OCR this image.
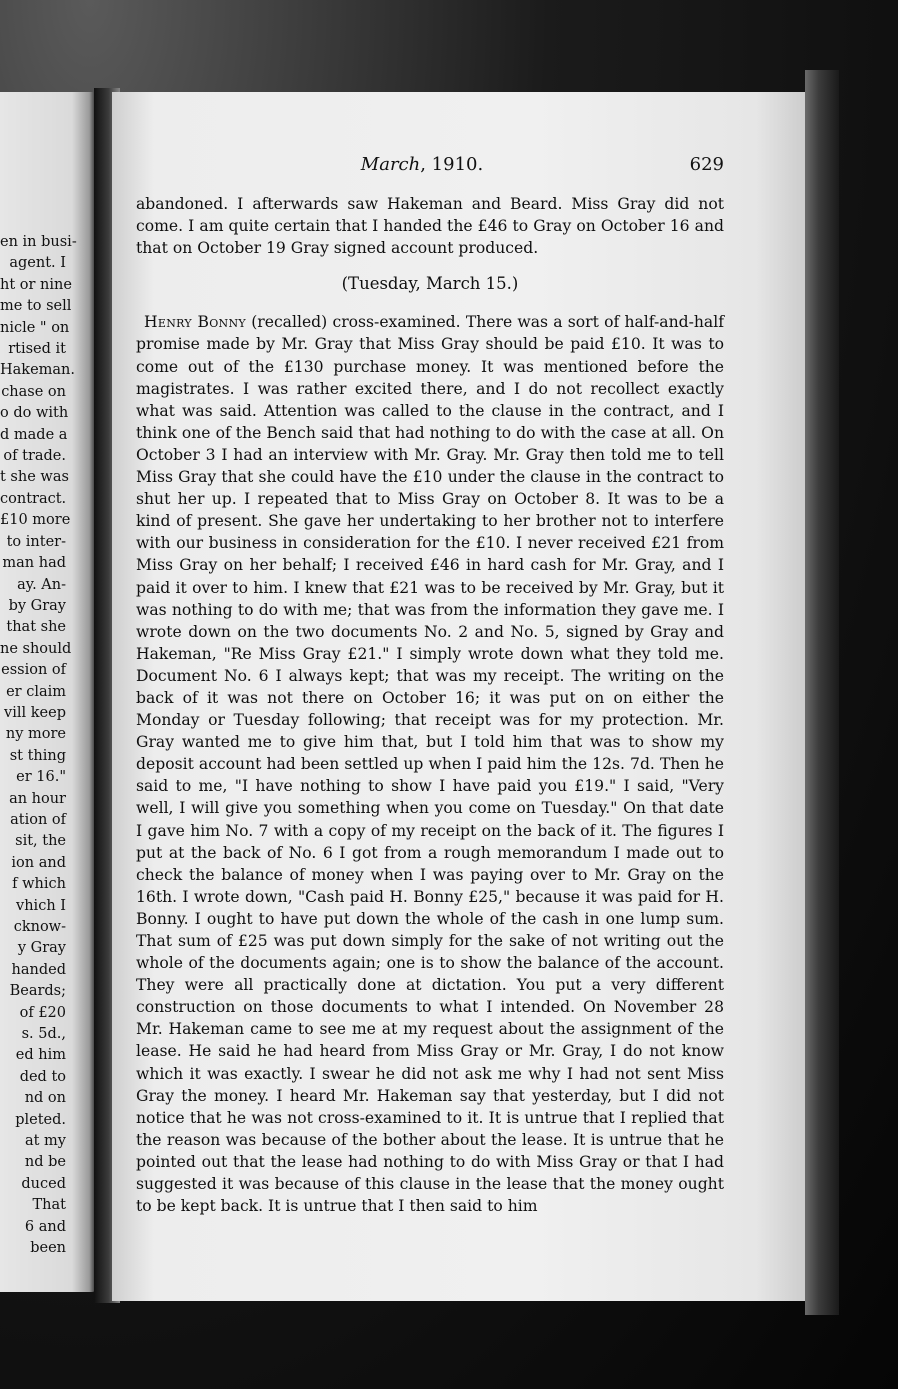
en in busi-
agent. I
ht or nine
me to sell
nicle " on
rtised it
Hakeman.
chase on
o do with
d made a
of trade.
t she was
contract.
£10 more
to inter-
man had
ay. An-
by Gray
that she
ne should
ession of
er claim
vill keep
ny more
st thing
er 16."
an hour
ation of
sit, the
ion and
f which
vhich I
cknow-
y Gray
handed
Beards;
of £20
s. 5d.,
ed him
ded to
nd on
pleted.
at my
nd be
duced
That
6 and
been
March, 1910.	629

abandoned. I afterwards saw Hakeman and Beard. Miss Gray did not come. I am quite certain that I handed the £46 to Gray on October 16 and that on October 19 Gray signed account produced.

(Tuesday, March 15.)

Henry Bonny (recalled) cross-examined. There was a sort of half-and-half promise made by Mr. Gray that Miss Gray should be paid £10. It was to come out of the £130 purchase money. It was mentioned before the magistrates. I was rather excited there, and I do not recollect exactly what was said. Attention was called to the clause in the contract, and I think one of the Bench said that had nothing to do with the case at all. On October 3 I had an interview with Mr. Gray. Mr. Gray then told me to tell Miss Gray that she could have the £10 under the clause in the contract to shut her up. I repeated that to Miss Gray on October 8. It was to be a kind of present. She gave her undertaking to her brother not to interfere with our business in consideration for the £10. I never received £21 from Miss Gray on her behalf; I received £46 in hard cash for Mr. Gray, and I paid it over to him. I knew that £21 was to be received by Mr. Gray, but it was nothing to do with me; that was from the information they gave me. I wrote down on the two documents No. 2 and No. 5, signed by Gray and Hakeman, "Re Miss Gray £21." I simply wrote down what they told me. Document No. 6 I always kept; that was my receipt. The writing on the back of it was not there on October 16; it was put on on either the Monday or Tuesday following; that receipt was for my protection. Mr. Gray wanted me to give him that, but I told him that was to show my deposit account had been settled up when I paid him the 12s. 7d. Then he said to me, "I have nothing to show I have paid you £19." I said, "Very well, I will give you something when you come on Tuesday." On that date I gave him No. 7 with a copy of my receipt on the back of it. The figures I put at the back of No. 6 I got from a rough memorandum I made out to check the balance of money when I was paying over to Mr. Gray on the 16th. I wrote down, "Cash paid H. Bonny £25," because it was paid for H. Bonny. I ought to have put down the whole of the cash in one lump sum. That sum of £25 was put down simply for the sake of not writing out the whole of the documents again; one is to show the balance of the account. They were all practically done at dictation. You put a very different construction on those documents to what I intended. On November 28 Mr. Hakeman came to see me at my request about the assignment of the lease. He said he had heard from Miss Gray or Mr. Gray, I do not know which it was exactly. I swear he did not ask me why I had not sent Miss Gray the money. I heard Mr. Hakeman say that yesterday, but I did not notice that he was not cross-examined to it. It is untrue that I replied that the reason was because of the bother about the lease. It is untrue that he pointed out that the lease had nothing to do with Miss Gray or that I had suggested it was because of this clause in the lease that the money ought to be kept back. It is untrue that I then said to him
